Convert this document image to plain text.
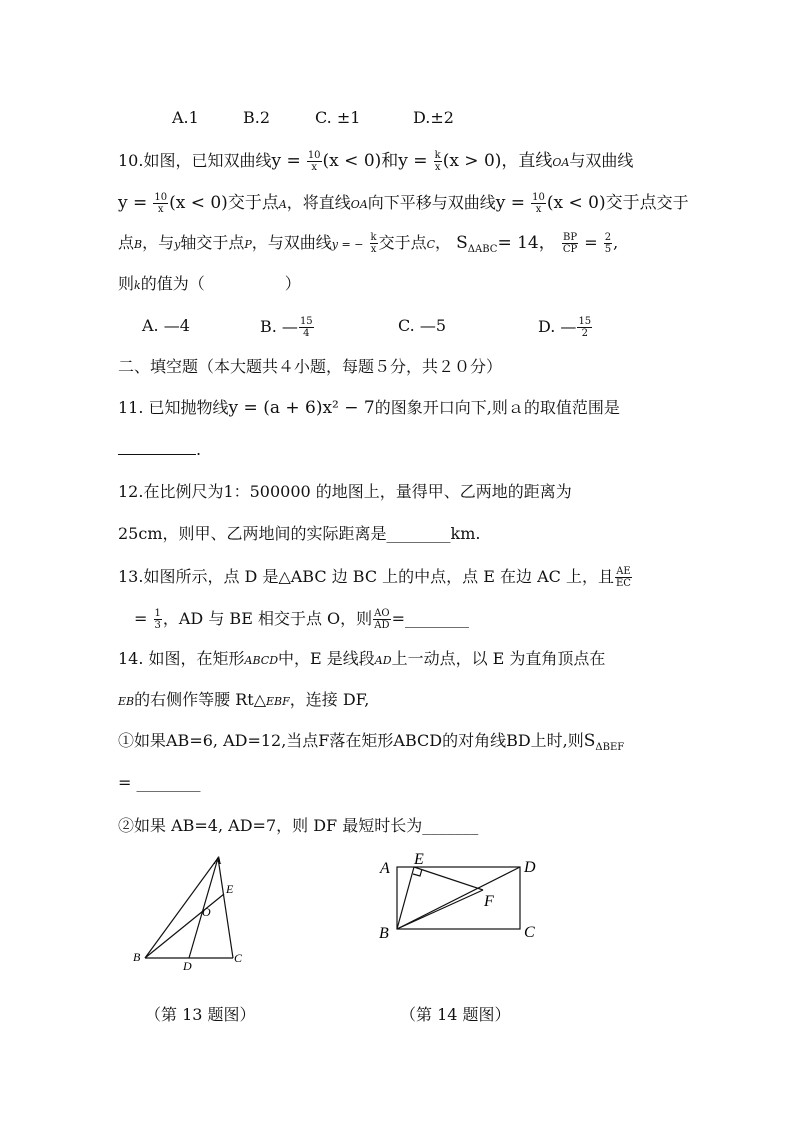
A.1	B.2	C. ±1	D.±2
10.如图，已知双曲线$y = \frac{10}{x} (x < 0)$和$y = \frac{k}{x} (x > 0)$，直线OA与双曲线
$y = \frac{10}{x} (x < 0)$交于点A，将直线OA向下平移与双曲线$y = \frac{10}{x} (x < 0)$交于点交于
点B，与y轴交于点P，与双曲线y = − $\frac{k}{x}$ 交于点C， $S_{\Delta ABC}= 14$， $\frac{BP}{CP} = \frac{2}{5}$ ,
则k的值为（	）
A. —4	B. — $\frac{15}{4}$	C. —5	D. — $\frac{15}{2}$
二、填空题（本大题共４小题，每题５分，共２０分）
11. 已知抛物线y = (a + 6)x² − 7的图象开口向下,则ａ的取值范围是
.
12.在比例尺为1：500000 的地图上，量得甲、乙两地的距离为
25cm，则甲、乙两地间的实际距离是________km.
13.如图所示，点 D 是△ABC 边 BC 上的中点，点 E 在边 AC 上，且 $\frac{AE}{EC}$
= $\frac{1}{3}$ ，AD 与 BE 相交于点 O，则 $\frac{AO}{AD}$ =________
14. 如图，在矩形ABCD中，E 是线段AD上一动点，以 E 为直角顶点在
EB的右侧作等腰 Rt△EBF，连接 DF,
①如果AB=6, AD=12,当点F落在矩形ABCD的对角线BD上时,则$S_{\Delta BEF}$
= ________
②如果 AB=4, AD=7，则 DF 最短时长为_______
A
E
O
B
D
C
A
E	D
F
B	C
（第 13 题图）	（第 14 题图）
